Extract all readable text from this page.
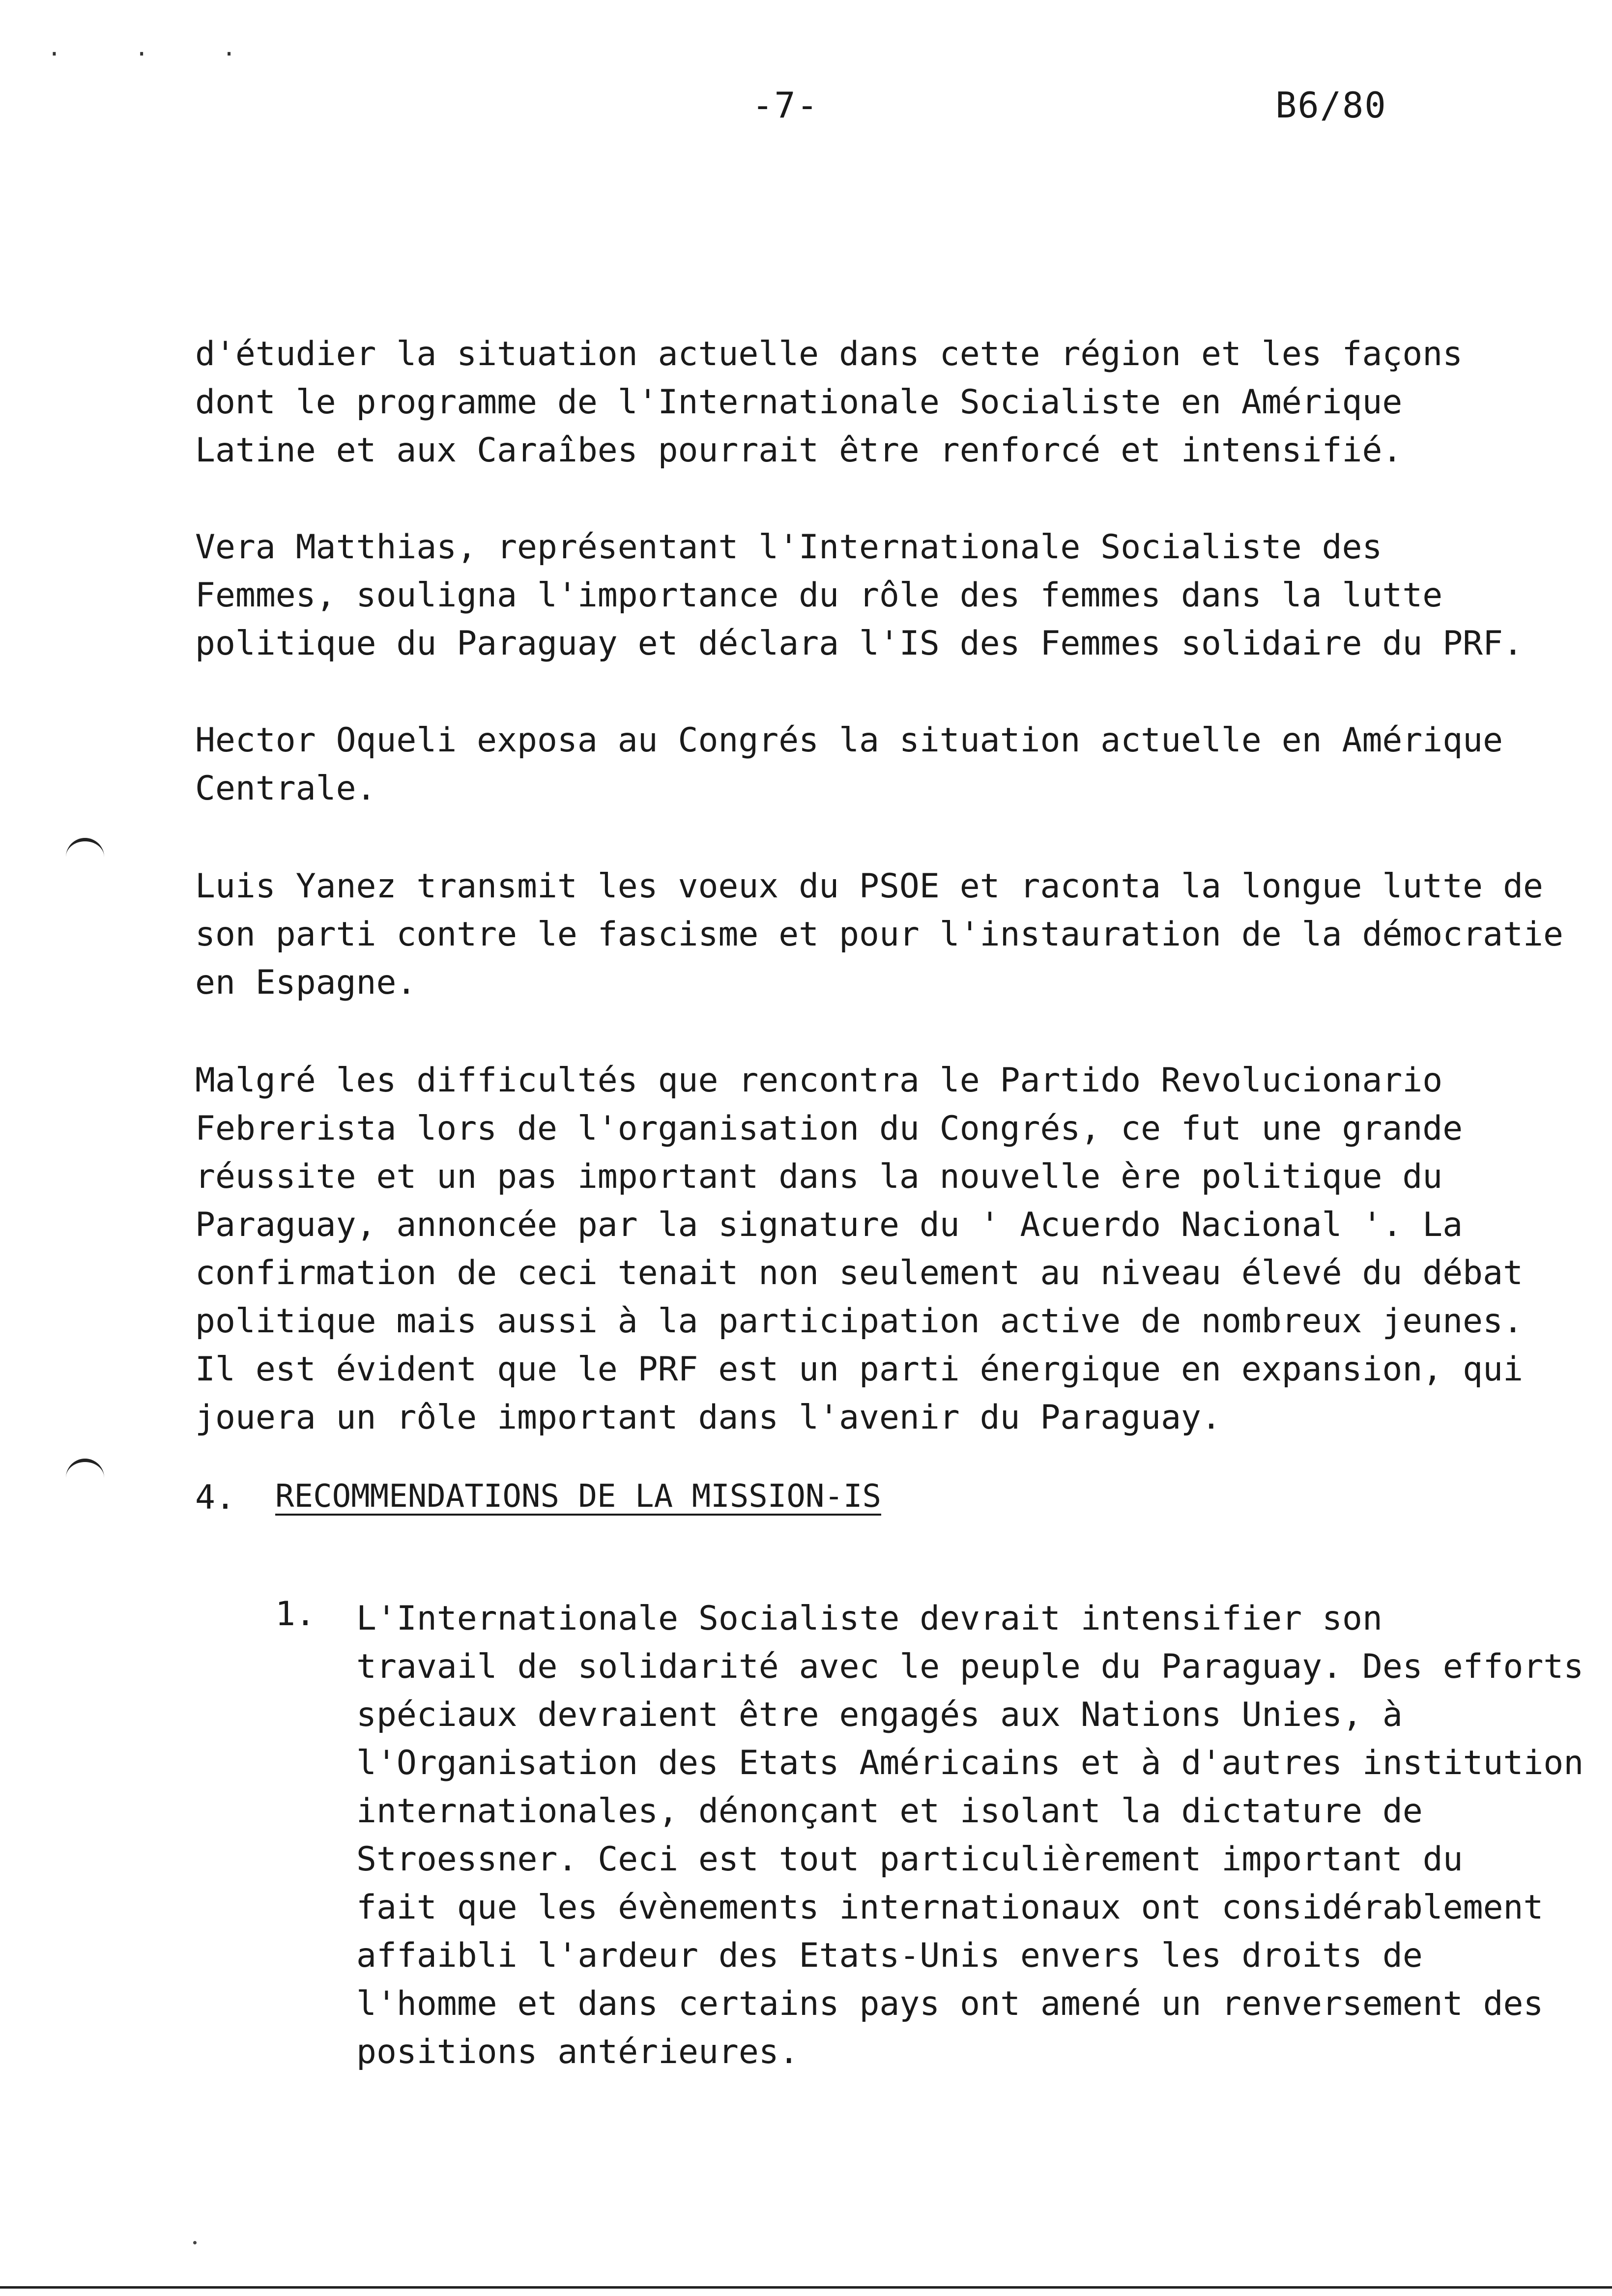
· · ·
-7-	B6/80

d'étudier la situation actuelle dans cette région et les façons
dont le programme de l'Internationale Socialiste en Amérique
Latine et aux Caraîbes pourrait être renforcé et intensifié.

Vera Matthias, représentant l'Internationale Socialiste des
Femmes, souligna l'importance du rôle des femmes dans la lutte
politique du Paraguay et déclara l'IS des Femmes solidaire du PRF.

Hector Oqueli exposa au Congrés la situation actuelle en Amérique
Centrale.

Luis Yanez transmit les voeux du PSOE et raconta la longue lutte de
son parti contre le fascisme et pour l'instauration de la démocratie
en Espagne.

Malgré les difficultés que rencontra le Partido Revolucionario
Febrerista lors de l'organisation du Congrés, ce fut une grande
réussite et un pas important dans la nouvelle ère politique du
Paraguay, annoncée par la signature du ' Acuerdo Nacional '. La
confirmation de ceci tenait non seulement au niveau élevé du débat
politique mais aussi à la participation active de nombreux jeunes.
Il est évident que le PRF est un parti énergique en expansion, qui
jouera un rôle important dans l'avenir du Paraguay.

4. RECOMMENDATIONS DE LA MISSION-IS
1. L'Internationale Socialiste devrait intensifier son
travail de solidarité avec le peuple du Paraguay. Des efforts
spéciaux devraient être engagés aux Nations Unies, à
l'Organisation des Etats Américains et à d'autres institution
internationales, dénonçant et isolant la dictature de
Stroessner. Ceci est tout particulièrement important du
fait que les évènements internationaux ont considérablement
affaibli l'ardeur des Etats-Unis envers les droits de
l'homme et dans certains pays ont amené un renversement des
positions antérieures.
